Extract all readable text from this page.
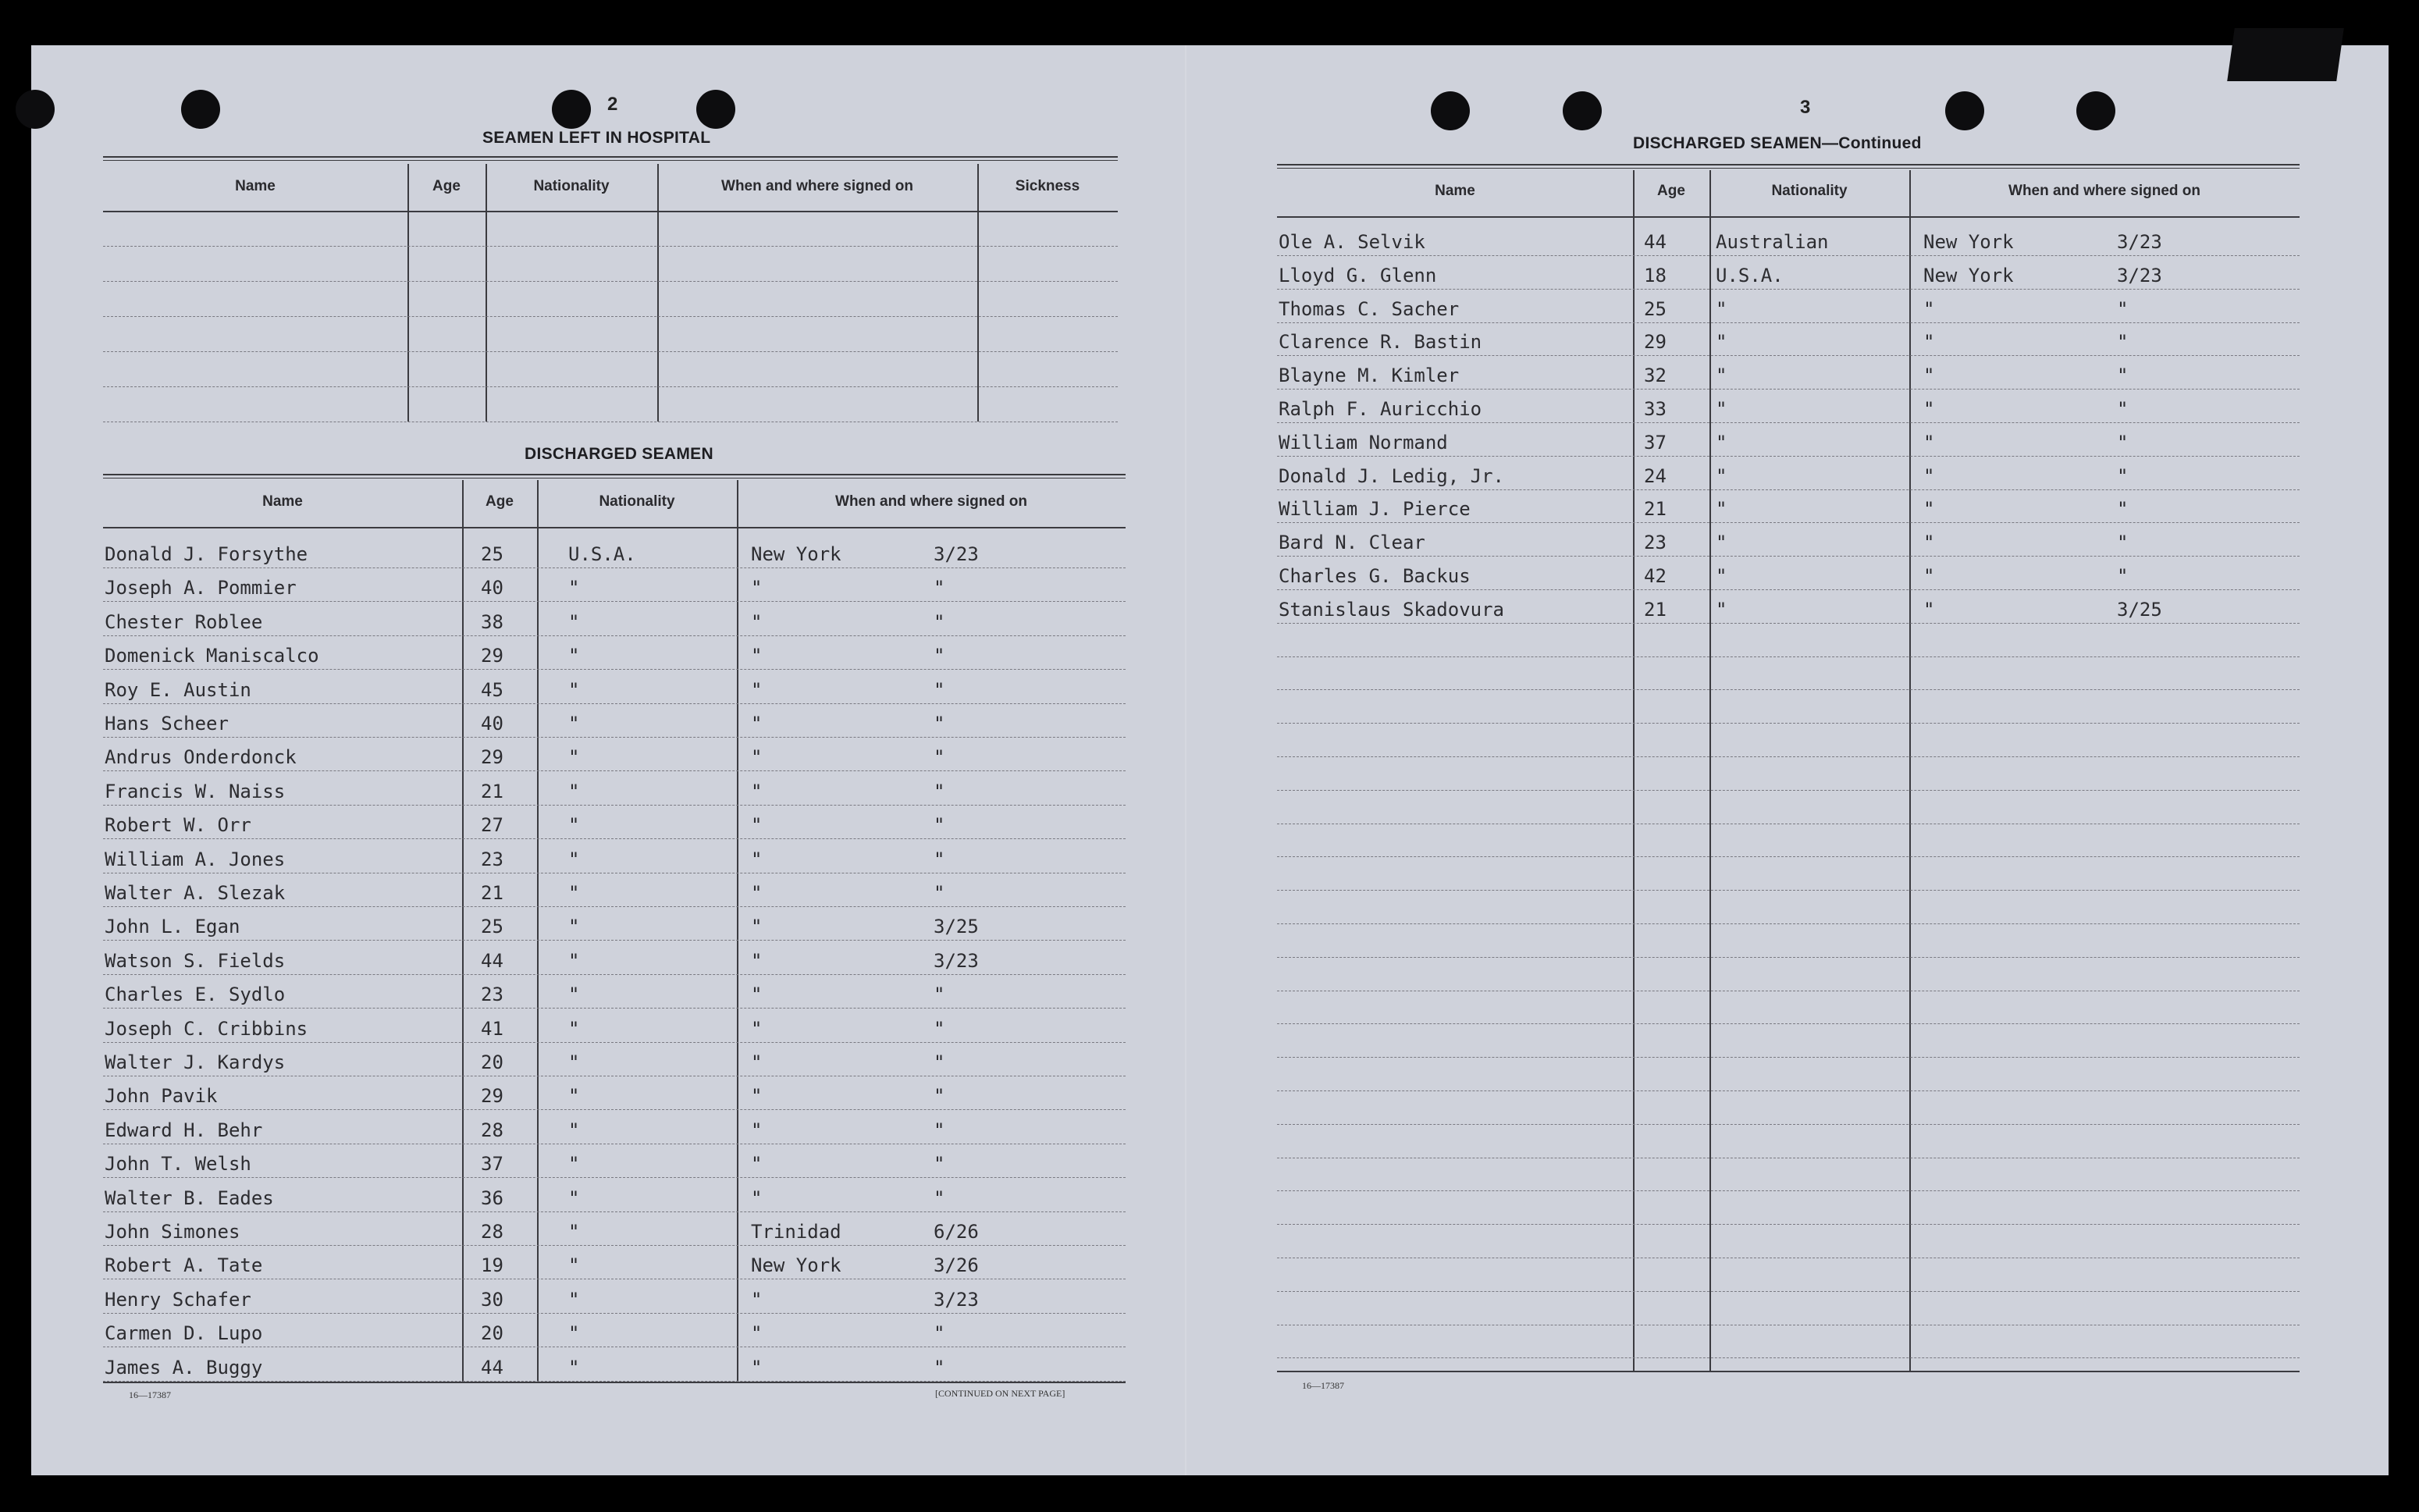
2
SEAMEN LEFT IN HOSPITAL
Name	Age	Nationality	When and where signed on	Sickness
DISCHARGED SEAMEN
Name	Age	Nationality	When and where signed on
Donald J. Forsythe	25	U.S.A.	New York	3/23
Joseph A. Pommier	40	"	"	"
Chester Roblee	38	"	"	"
Domenick Maniscalco	29	"	"	"
Roy E. Austin	45	"	"	"
Hans Scheer	40	"	"	"
Andrus Onderdonck	29	"	"	"
Francis W. Naiss	21	"	"	"
Robert W. Orr	27	"	"	"
William A. Jones	23	"	"	"
Walter A. Slezak	21	"	"	"
John L. Egan	25	"	"	3/25
Watson S. Fields	44	"	"	3/23
Charles E. Sydlo	23	"	"	"
Joseph C. Cribbins	41	"	"	"
Walter J. Kardys	20	"	"	"
John Pavik	29	"	"	"
Edward H. Behr	28	"	"	"
John T. Welsh	37	"	"	"
Walter B. Eades	36	"	"	"
John Simones	28	"	Trinidad	6/26
Robert A. Tate	19	"	New York	3/26
Henry Schafer	30	"	"	3/23
Carmen D. Lupo	20	"	"	"
James A. Buggy	44	"	"	"
16—17387	[CONTINUED ON NEXT PAGE]
3
DISCHARGED SEAMEN—Continued
Name	Age	Nationality	When and where signed on
Ole A. Selvik	44	Australian	New York	3/23
Lloyd G. Glenn	18	U.S.A.	New York	3/23
Thomas C. Sacher	25	"	"	"
Clarence R. Bastin	29	"	"	"
Blayne M. Kimler	32	"	"	"
Ralph F. Auricchio	33	"	"	"
William Normand	37	"	"	"
Donald J. Ledig, Jr.	24	"	"	"
William J. Pierce	21	"	"	"
Bard N. Clear	23	"	"	"
Charles G. Backus	42	"	"	"
Stanislaus Skadovura	21	"	"	3/25
16—17387
